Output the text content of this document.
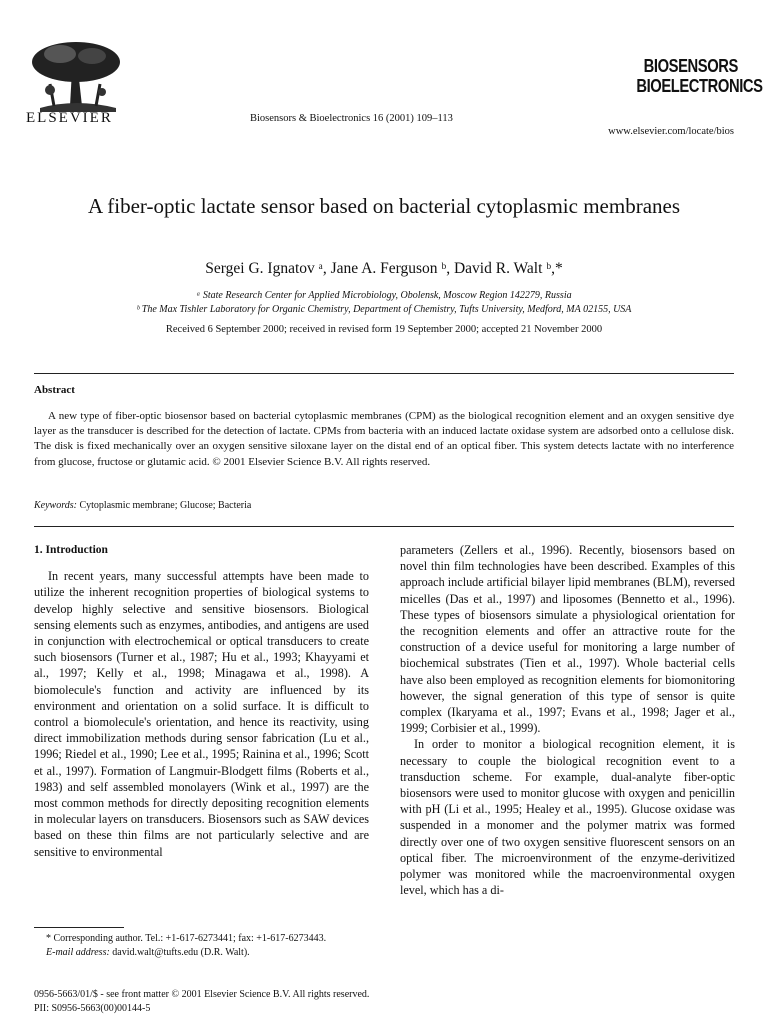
ELSEVIER	Biosensors & Bioelectronics 16 (2001) 109–113
BIOSENSORS
BIOELECTRONICS
www.elsevier.com/locate/bios
A fiber-optic lactate sensor based on bacterial cytoplasmic membranes
Sergei G. Ignatov ᵃ, Jane A. Ferguson ᵇ, David R. Walt ᵇ,*
ᵃ State Research Center for Applied Microbiology, Obolensk, Moscow Region 142279, Russia
ᵇ The Max Tishler Laboratory for Organic Chemistry, Department of Chemistry, Tufts University, Medford, MA 02155, USA
Received 6 September 2000; received in revised form 19 September 2000; accepted 21 November 2000
Abstract
A new type of fiber-optic biosensor based on bacterial cytoplasmic membranes (CPM) as the biological recognition element and an oxygen sensitive dye layer as the transducer is described for the detection of lactate. CPMs from bacteria with an induced lactate oxidase system are adsorbed onto a cellulose disk. The disk is fixed mechanically over an oxygen sensitive siloxane layer on the distal end of an optical fiber. This system detects lactate with no interference from glucose, fructose or glutamic acid. © 2001 Elsevier Science B.V. All rights reserved.
Keywords: Cytoplasmic membrane; Glucose; Bacteria

1. Introduction

In recent years, many successful attempts have been made to utilize the inherent recognition properties of biological systems to develop highly selective and sensitive biosensors. Biological sensing elements such as enzymes, antibodies, and antigens are used in conjunction with electrochemical or optical transducers to create such biosensors (Turner et al., 1987; Hu et al., 1993; Khayyami et al., 1997; Kelly et al., 1998; Minagawa et al., 1998). A biomolecule's function and activity are influenced by its environment and orientation on a solid surface. It is difficult to control a biomolecule's orientation, and hence its reactivity, using direct immobilization methods during sensor fabrication (Lu et al., 1996; Riedel et al., 1990; Lee et al., 1995; Rainina et al., 1996; Scott et al., 1997). Formation of Langmuir-Blodgett films (Roberts et al., 1983) and self assembled monolayers (Wink et al., 1997) are the most common methods for directly depositing recognition elements in molecular layers on transducers. Biosensors such as SAW devices based on these thin films are not particularly selective and are sensitive to environmental

parameters (Zellers et al., 1996). Recently, biosensors based on novel thin film technologies have been described. Examples of this approach include artificial bilayer lipid membranes (BLM), reversed micelles (Das et al., 1997) and liposomes (Bennetto et al., 1996). These types of biosensors simulate a physiological orientation for the recognition elements and offer an attractive route for the construction of a device useful for monitoring a large number of biochemical substrates (Tien et al., 1997). Whole bacterial cells have also been employed as recognition elements for biomonitoring however, the signal generation of this type of sensor is quite complex (Ikaryama et al., 1997; Evans et al., 1998; Jager et al., 1999; Corbisier et al., 1999).

In order to monitor a biological recognition element, it is necessary to couple the biological recognition event to a transduction scheme. For example, dual-analyte fiber-optic biosensors were used to monitor glucose with oxygen and penicillin with pH (Li et al., 1995; Healey et al., 1995). Glucose oxidase was suspended in a monomer and the polymer matrix was formed directly over one of two oxygen sensitive fluorescent sensors on an optical fiber. The microenvironment of the enzyme-derivitized polymer was monitored while the macroenvironmental oxygen level, which has a di-

* Corresponding author. Tel.: +1-617-6273441; fax: +1-617-6273443.

E-mail address: david.walt@tufts.edu (D.R. Walt).

0956-5663/01/$ - see front matter © 2001 Elsevier Science B.V. All rights reserved.

PII: S0956-5663(00)00144-5
